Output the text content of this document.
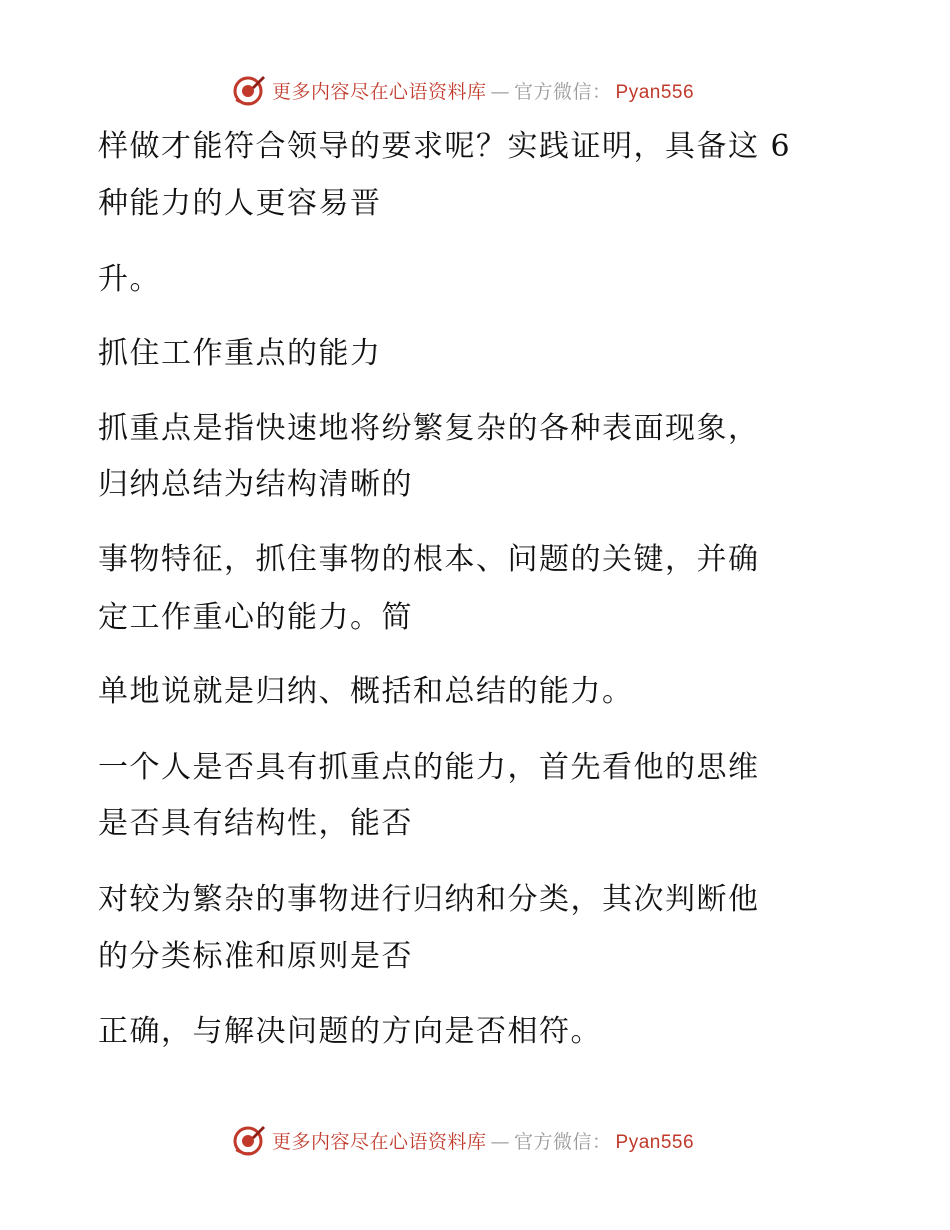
更多内容尽在心语资料库 — 官方微信： Pyan556
样做才能符合领导的要求呢？实践证明，具备这 6
种能力的人更容易晋
升。
抓住工作重点的能力
抓重点是指快速地将纷繁复杂的各种表面现象，
归纳总结为结构清晰的
事物特征，抓住事物的根本、问题的关键，并确
定工作重心的能力。简
单地说就是归纳、概括和总结的能力。
一个人是否具有抓重点的能力，首先看他的思维
是否具有结构性，能否
对较为繁杂的事物进行归纳和分类，其次判断他
的分类标准和原则是否
正确，与解决问题的方向是否相符。
更多内容尽在心语资料库 — 官方微信： Pyan556
